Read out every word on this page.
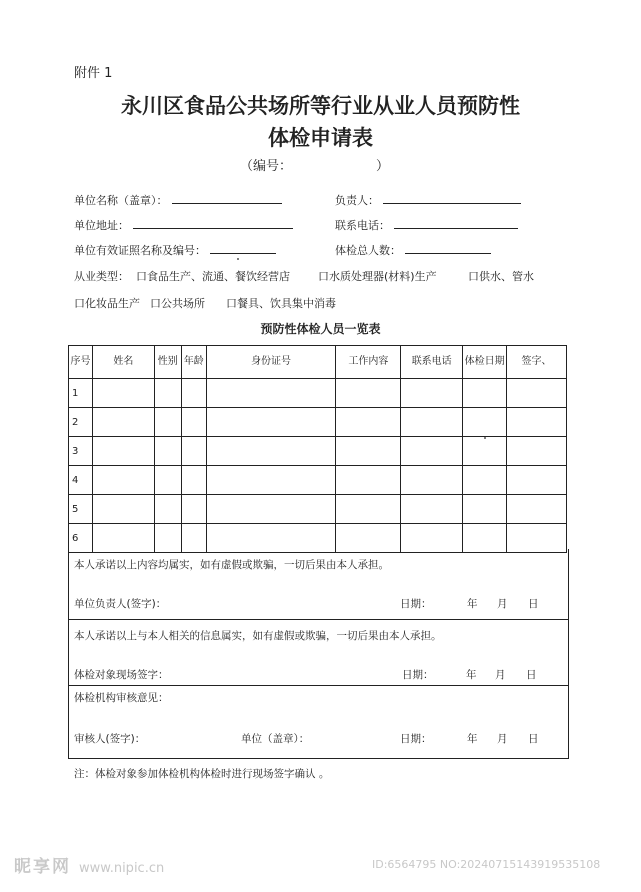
附件 1
永川区食品公共场所等行业从业人员预防性
体检申请表
（编号：	）
单位名称（盖章）：	负责人：
单位地址：	联系电话：
单位有效证照名称及编号：	体检总人数：
从业类型： 口食品生产、流通、餐饮经营店	口水质处理器(材料)生产	口供水、管水
口化妆品生产 口公共场所 口餐具、饮具集中消毒
预防性体检人员一览表
序号	姓名	性别	年龄	身份证号	工作内容	联系电话	体检日期	签字、
1								
2								
3								
4								
5								
6								
本人承诺以上内容均属实，如有虚假或欺骗，一切后果由本人承担。
单位负责人(签字)：	日期：	年 月 日
本人承诺以上与本人相关的信息属实，如有虚假或欺骗，一切后果由本人承担。
体检对象现场签字：	日期：	年 月 日
体检机构审核意见：
审核人(签字)：	单位（盖章）：	日期：	年 月 日
注：体检对象参加体检机构体检时进行现场签字确认 。
昵享网 www.nipic.cn	ID:6564795 NO:20240715143919535108
